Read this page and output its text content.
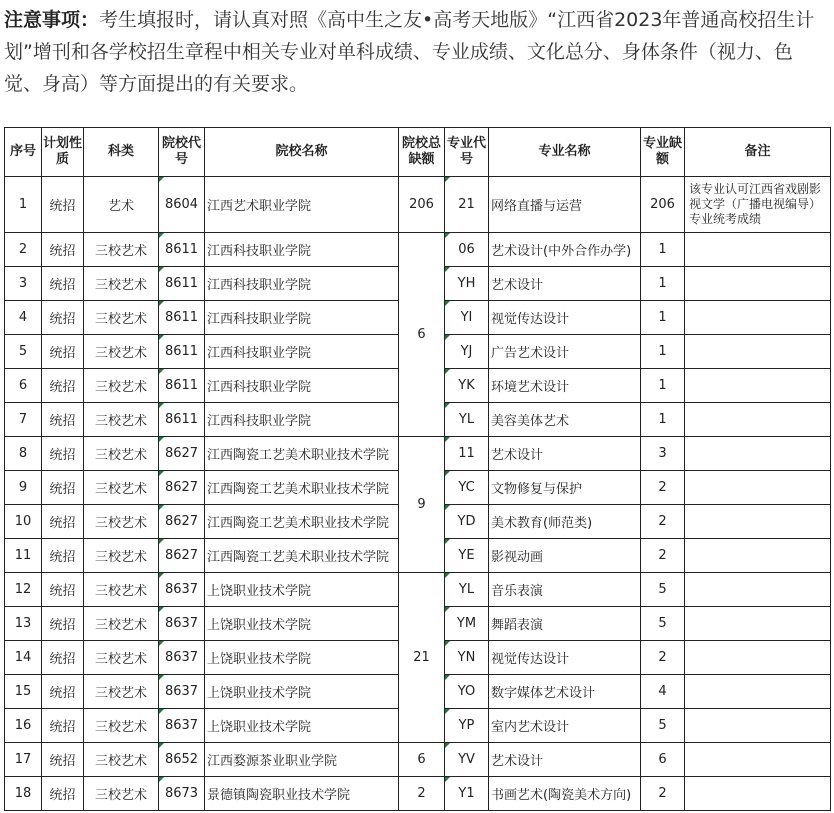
注意事项：考生填报时，请认真对照《高中生之友•高考天地版》“江西省2023年普通高校招生计划”增刊和各学校招生章程中相关专业对单科成绩、专业成绩、文化总分、身体条件（视力、色觉、身高）等方面提出的有关要求。
序号	计划性质	科类	院校代号	院校名称	院校总缺额	专业代号	专业名称	专业缺额	备注
1	统招	艺术	8604	江西艺术职业学院	206	21	网络直播与运营	206	该专业认可江西省戏剧影视文学（广播电视编导）专业统考成绩
2	统招	三校艺术	8611	江西科技职业学院	6	06	艺术设计(中外合作办学)	1	
3	统招	三校艺术	8611	江西科技职业学院		YH	艺术设计	1	
4	统招	三校艺术	8611	江西科技职业学院		YI	视觉传达设计	1	
5	统招	三校艺术	8611	江西科技职业学院		YJ	广告艺术设计	1	
6	统招	三校艺术	8611	江西科技职业学院		YK	环境艺术设计	1	
7	统招	三校艺术	8611	江西科技职业学院		YL	美容美体艺术	1	
8	统招	三校艺术	8627	江西陶瓷工艺美术职业技术学院	9	11	艺术设计	3	
9	统招	三校艺术	8627	江西陶瓷工艺美术职业技术学院		YC	文物修复与保护	2	
10	统招	三校艺术	8627	江西陶瓷工艺美术职业技术学院		YD	美术教育(师范类)	2	
11	统招	三校艺术	8627	江西陶瓷工艺美术职业技术学院		YE	影视动画	2	
12	统招	三校艺术	8637	上饶职业技术学院	21	YL	音乐表演	5	
13	统招	三校艺术	8637	上饶职业技术学院		YM	舞蹈表演	5	
14	统招	三校艺术	8637	上饶职业技术学院		YN	视觉传达设计	2	
15	统招	三校艺术	8637	上饶职业技术学院		YO	数字媒体艺术设计	4	
16	统招	三校艺术	8637	上饶职业技术学院		YP	室内艺术设计	5	
17	统招	三校艺术	8652	江西婺源茶业职业学院	6	YV	艺术设计	6	
18	统招	三校艺术	8673	景德镇陶瓷职业技术学院	2	Y1	书画艺术(陶瓷美术方向)	2	
